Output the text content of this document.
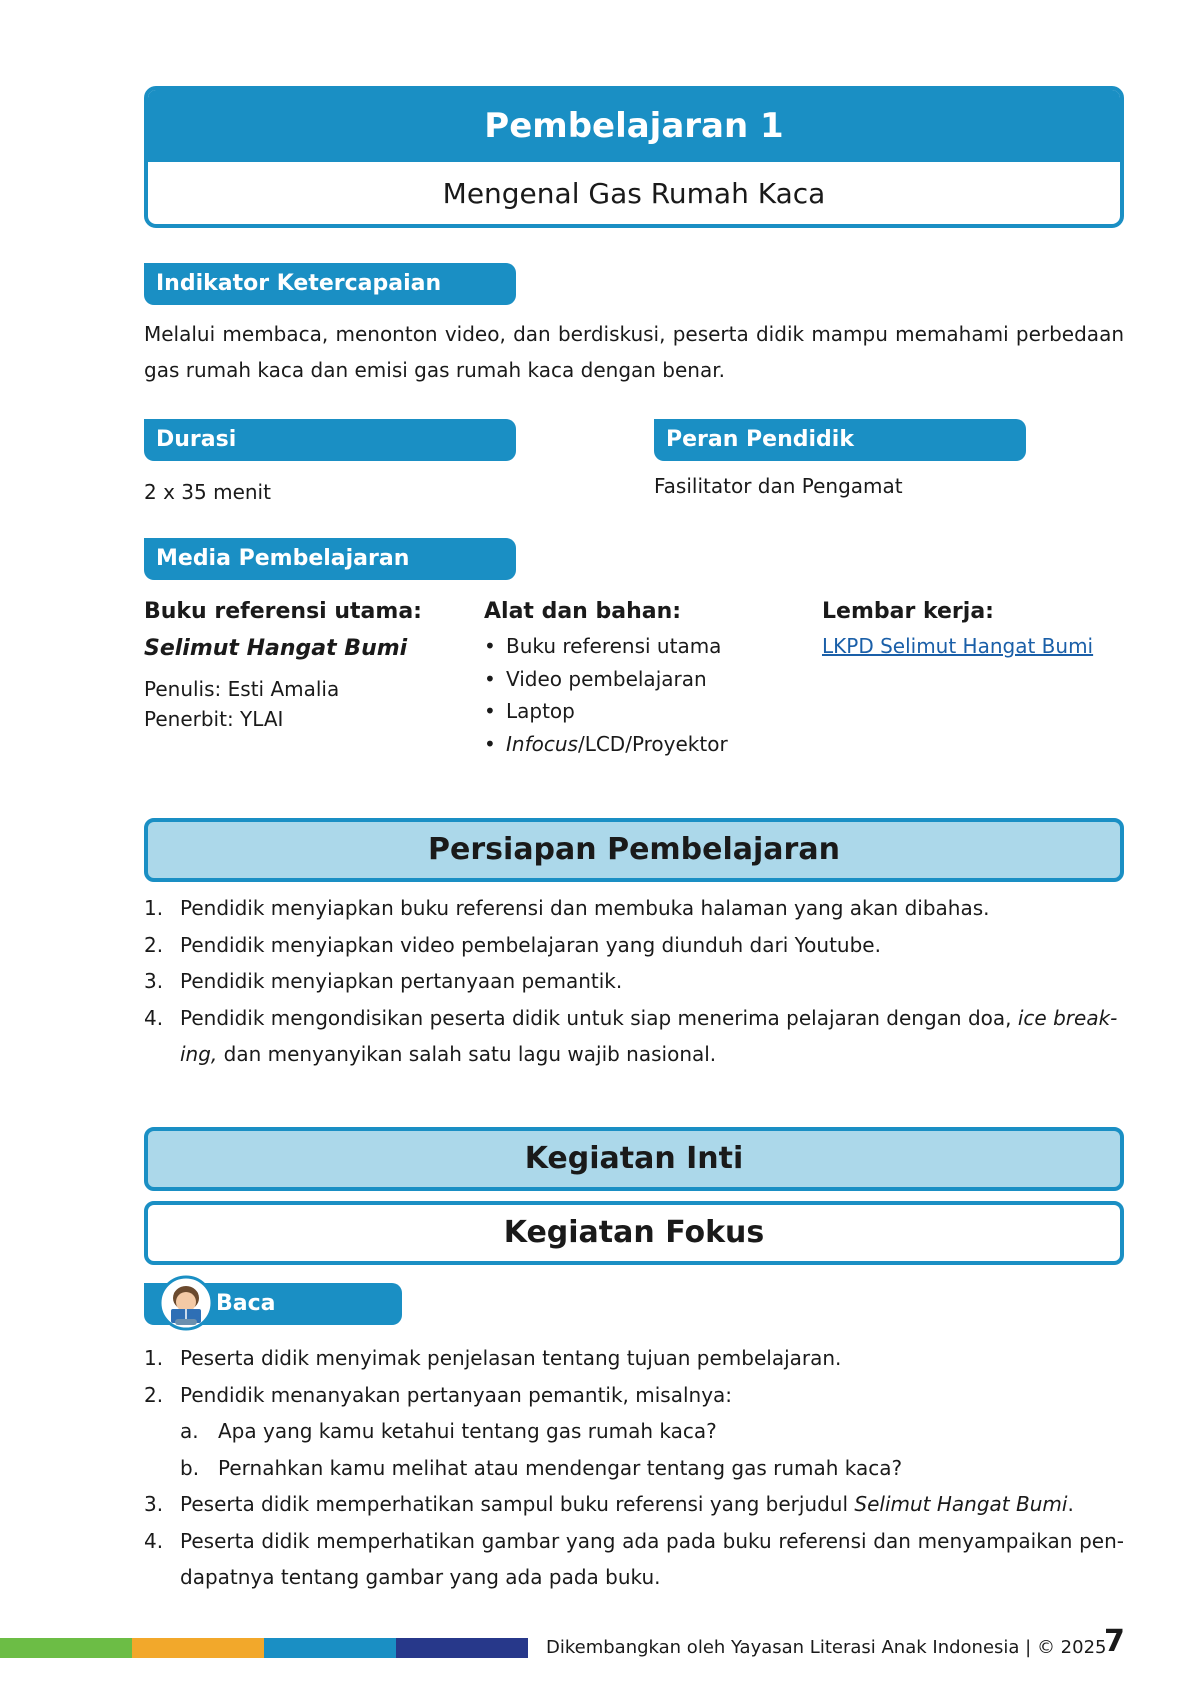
Pembelajaran 1
Mengenal Gas Rumah Kaca
Indikator Ketercapaian
Melalui membaca, menonton video, dan berdiskusi, peserta didik mampu memahami perbedaan gas rumah kaca dan emisi gas rumah kaca dengan benar.
Durasi
2 x 35 menit
Peran Pendidik
Fasilitator dan Pengamat
Media Pembelajaran
Buku referensi utama:
Selimut Hangat Bumi
Penulis: Esti Amalia
Penerbit: YLAI
Alat dan bahan:
• Buku referensi utama
• Video pembelajaran
• Laptop
• Infocus/LCD/Proyektor
Lembar kerja:
LKPD Selimut Hangat Bumi
Persiapan Pembelajaran
1. Pendidik menyiapkan buku referensi dan membuka halaman yang akan dibahas.
2. Pendidik menyiapkan video pembelajaran yang diunduh dari Youtube.
3. Pendidik menyiapkan pertanyaan pemantik.
4. Pendidik mengondisikan peserta didik untuk siap menerima pelajaran dengan doa, ice break-
ing, dan menyanyikan salah satu lagu wajib nasional.
Kegiatan Inti
Kegiatan Fokus
Baca
1. Peserta didik menyimak penjelasan tentang tujuan pembelajaran.
2. Pendidik menanyakan pertanyaan pemantik, misalnya:
a. Apa yang kamu ketahui tentang gas rumah kaca?
b. Pernahkan kamu melihat atau mendengar tentang gas rumah kaca?
3. Peserta didik memperhatikan sampul buku referensi yang berjudul Selimut Hangat Bumi.
4. Peserta didik memperhatikan gambar yang ada pada buku referensi dan menyampaikan pen-dapatnya tentang gambar yang ada pada buku.
Dikembangkan oleh Yayasan Literasi Anak Indonesia | © 2025
7
